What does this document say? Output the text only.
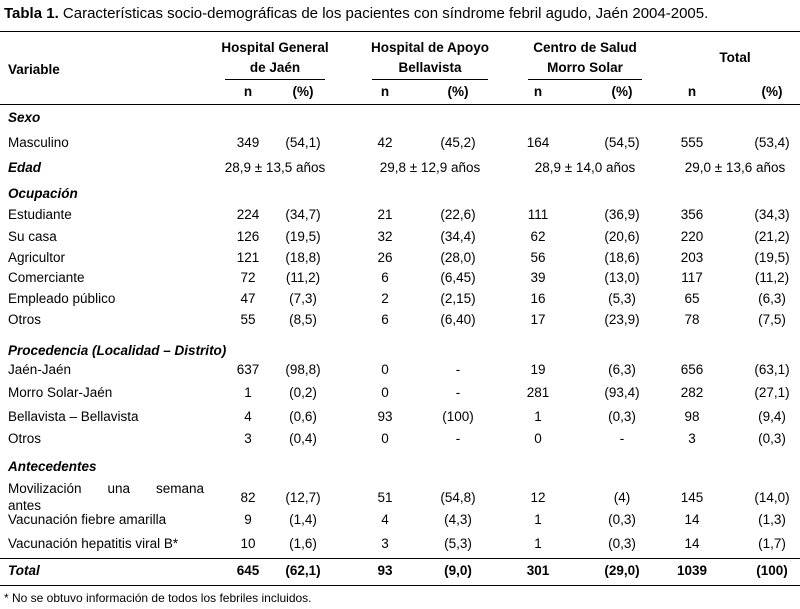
Tabla 1. Características socio-demográficas de los pacientes con síndrome febril agudo, Jaén 2004-2005.
Variable
Hospital General
de Jaén
n	(%)
Hospital de Apoyo
Bellavista
n	(%)
Centro de Salud
Morro Solar
n	(%)
Total
n	(%)
Sexo
Masculino	349 (54,1)	42	(45,2)	164	(54,5)	555	(53,4)
Edad	28,9 ± 13,5 años	29,8 ± 12,9 años	28,9 ± 14,0 años	29,0 ± 13,6 años
Ocupación
Estudiante	224 (34,7)	21	(22,6)	111	(36,9)	356	(34,3)
Su casa	126 (19,5)	32	(34,4)	62	(20,6)	220	(21,2)
Agricultor	121 (18,8)	26	(28,0)	56	(18,6)	203	(19,5)
Comerciante	72 (11,2)	6	(6,45)	39	(13,0)	117	(11,2)
Empleado público	47 (7,3)	2	(2,15)	16	(5,3)	65	(6,3)
Otros	55 (8,5)	6	(6,40)	17	(23,9)	78	(7,5)
Procedencia (Localidad – Distrito)
Jaén-Jaén	637 (98,8)	0	-	19	(6,3)	656	(63,1)
Morro Solar-Jaén	1	(0,2)	0	-	281	(93,4)	282	(27,1)
Bellavista – Bellavista	4	(0,6)	93	(100)	1	(0,3)	98	(9,4)
Otros	3	(0,4)	0	-	0	-	3	(0,3)
Antecedentes
Movilización una semana
antes
82 (12,7)	51	(54,8)	12	(4)	145	(14,0)
Vacunación fiebre amarilla	9	(1,4)	4	(4,3)	1	(0,3)	14	(1,3)
Vacunación hepatitis viral B*	10 (1,6)	3	(5,3)	1	(0,3)	14	(1,7)
Total	645 (62,1)	93	(9,0)	301	(29,0)	1039	(100)
* No se obtuvo información de todos los febriles incluidos.
